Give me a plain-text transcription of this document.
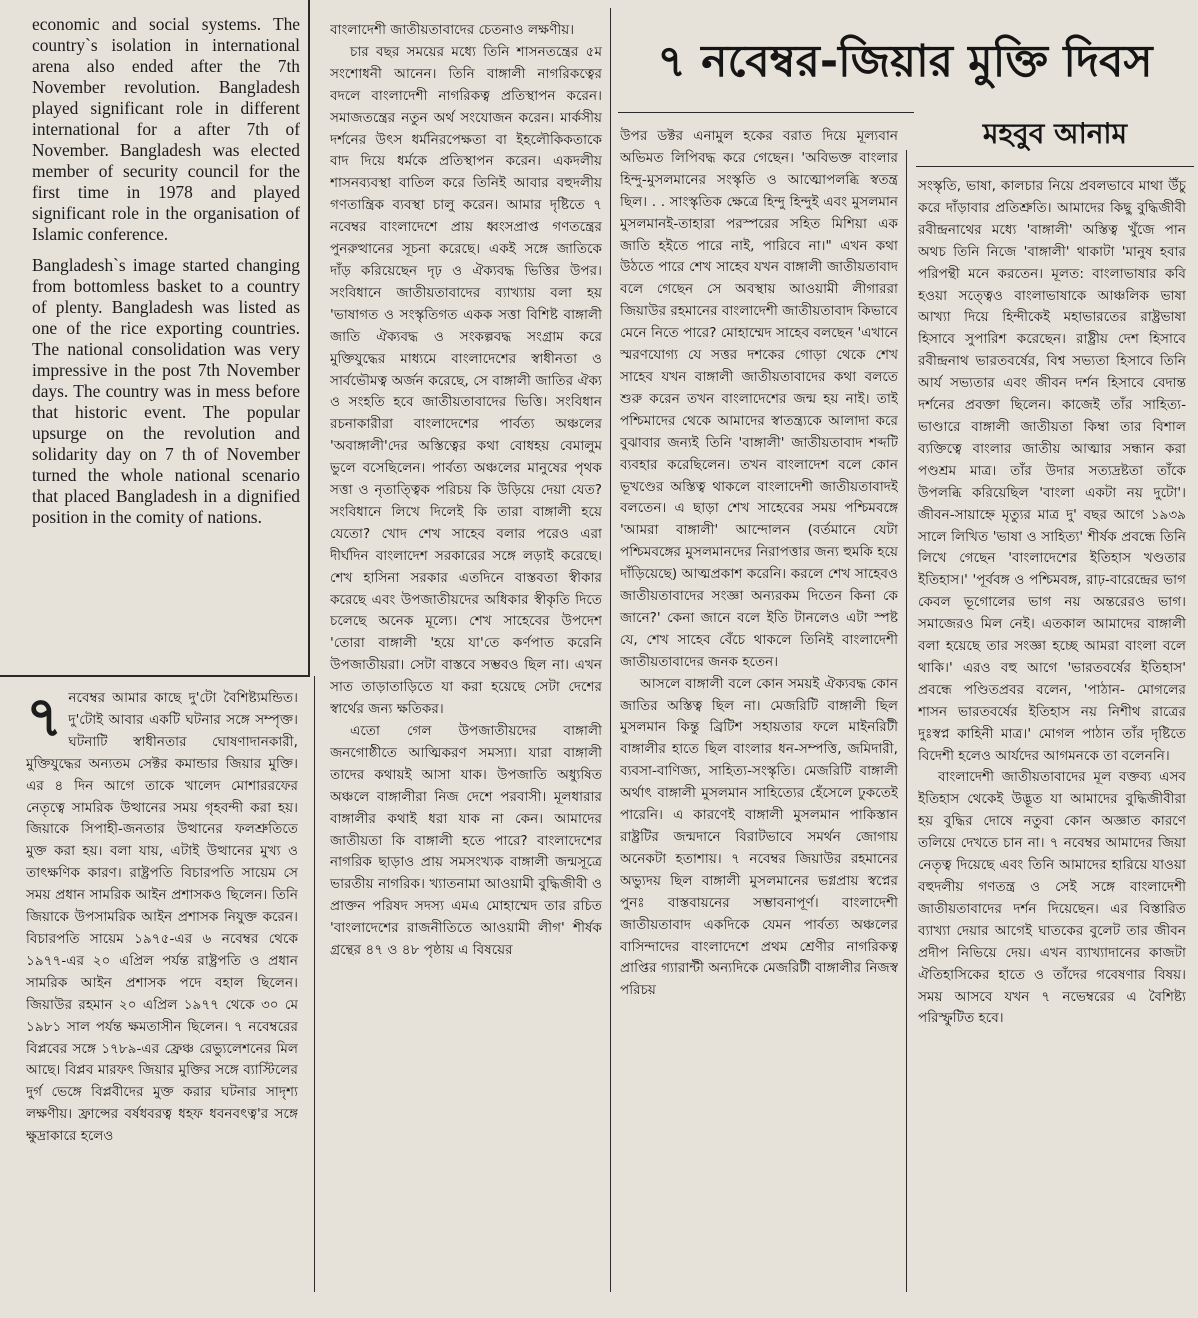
৭ নবেম্বর-জিয়ার মুক্তি দিবস
মহবুব আনাম

economic and social systems. The country`s isolation in international arena also ended after the 7th November revolution. Bangladesh played significant role in different international for a after 7th of November. Bangladesh was elected member of security council for the first time in 1978 and played significant role in the organisation of Islamic conference.

Bangladesh`s image started changing from bottomless basket to a country of plenty. Bangladesh was listed as one of the rice exporting countries. The national consolidation was very impressive in the post 7th November days. The country was in mess before that historic event. The popular upsurge on the revolution and solidarity day on 7 th of November turned the whole national scenario that placed Bangladesh in a dignified position in the comity of nations.

৭ নবেম্বর আমার কাছে দু'টো বৈশিষ্ট্যমন্ডিত। দু'টোই আবার একটি ঘটনার সঙ্গে সম্পৃক্ত। ঘটনাটি স্বাধীনতার ঘোষণাদানকারী, মুক্তিযুদ্ধের অন্যতম সেক্টর কমান্ডার জিয়ার মুক্তি। এর ৪ দিন আগে তাকে খালেদ মোশাররফের নেতৃত্বে সামরিক উত্থানের সময় গৃহবন্দী করা হয়। জিয়াকে সিপাহী-জনতার উত্থানের ফলশ্রুতিতে মুক্ত করা হয়। বলা যায়, এটাই উত্থানের মুখ্য ও তাৎক্ষণিক কারণ। রাষ্ট্রপতি বিচারপতি সায়েম সে সময় প্রধান সামরিক আইন প্রশাসকও ছিলেন। তিনি জিয়াকে উপসামরিক আইন প্রশাসক নিযুক্ত করেন। বিচারপতি সায়েম ১৯৭৫-এর ৬ নবেম্বর থেকে ১৯৭৭-এর ২০ এপ্রিল পর্যন্ত রাষ্ট্রপতি ও প্রধান সামরিক আইন প্রশাসক পদে বহাল ছিলেন। জিয়াউর রহমান ২০ এপ্রিল ১৯৭৭ থেকে ৩০ মে ১৯৮১ সাল পর্যন্ত ক্ষমতাসীন ছিলেন। ৭ নবেম্বরের বিপ্লবের সঙ্গে ১৭৮৯-এর ফ্রেঞ্চ রেভ্যুলেশনের মিল আছে। বিপ্লব মারফৎ জিয়ার মুক্তির সঙ্গে ব্যাস্টিলের দুর্গ ভেঙ্গে বিপ্লবীদের মুক্ত করার ঘটনার সাদৃশ্য লক্ষণীয়। ফ্রান্সের বর্ষধবরত্ব ধহফ ধবনবৎত্ব'র সঙ্গে ক্ষুদ্রাকারে হলেও

বাংলাদেশী জাতীয়তাবাদের চেতনাও লক্ষণীয়।

চার বছর সময়ের মধ্যে তিনি শাসনতন্ত্রের ৫ম সংশোধনী আনেন। তিনি বাঙ্গালী নাগরিকত্বের বদলে বাংলাদেশী নাগরিকত্ব প্রতিস্থাপন করেন। সমাজতন্ত্রের নতুন অর্থ সংযোজন করেন। মার্কসীয় দর্শনের উৎস ধর্মনিরপেক্ষতা বা ইহলৌকিকতাকে বাদ দিয়ে ধর্মকে প্রতিস্থাপন করেন। একদলীয় শাসনব্যবস্থা বাতিল করে তিনিই আবার বহুদলীয় গণতান্ত্রিক ব্যবস্থা চালু করেন। আমার দৃষ্টিতে ৭ নবেম্বর বাংলাদেশে প্রায় ধ্বংসপ্রাপ্ত গণতন্ত্রের পুনরুত্থানের সূচনা করেছে। একই সঙ্গে জাতিকে দাঁড় করিয়েছেন দৃঢ় ও ঐক্যবদ্ধ ভিত্তির উপর। সংবিধানে জাতীয়তাবাদের ব্যাখ্যায় বলা হয় 'ভাষাগত ও সংস্কৃতিগত একক সত্তা বিশিষ্ট বাঙ্গালী জাতি ঐক্যবদ্ধ ও সংকল্পবদ্ধ সংগ্রাম করে মুক্তিযুদ্ধের মাধ্যমে বাংলাদেশের স্বাধীনতা ও সার্বভৌমত্ব অর্জন করেছে, সে বাঙ্গালী জাতির ঐক্য ও সংহতি হবে জাতীয়তাবাদের ভিত্তি। সংবিধান রচনাকারীরা বাংলাদেশের পার্বত্য অঞ্চলের 'অবাঙ্গালী'দের অস্তিত্বের কথা বোধহয় বেমালুম ভুলে বসেছিলেন। পার্বত্য অঞ্চলের মানুষের পৃথক সত্তা ও নৃতাত্ত্বিক পরিচয় কি উড়িয়ে দেয়া যেত? সংবিধানে লিখে দিলেই কি তারা বাঙ্গালী হয়ে যেতো? খোদ শেখ সাহেব বলার পরেও এরা দীর্ঘদিন বাংলাদেশ সরকারের সঙ্গে লড়াই করেছে। শেখ হাসিনা সরকার এতদিনে বাস্তবতা স্বীকার করেছে এবং উপজাতীয়দের অধিকার স্বীকৃতি দিতে চলেছে অনেক মূল্যে। শেখ সাহেবের উপদেশ 'তোরা বাঙ্গালী 'হয়ে যা'তে কর্ণপাত করেনি উপজাতীয়রা। সেটা বাস্তবে সম্ভবও ছিল না। এখন সাত তাড়াতাড়িতে যা করা হয়েছে সেটা দেশের স্বার্থের জন্য ক্ষতিকর।

এতো গেল উপজাতীয়দের বাঙ্গালী জনগোষ্ঠীতে আত্মিকরণ সমস্যা। যারা বাঙ্গালী তাদের কথায়ই আসা যাক। উপজাতি অধ্যুষিত অঞ্চলে বাঙ্গালীরা নিজ দেশে পরবাসী। মূলধারার বাঙ্গালীর কথাই ধরা যাক না কেন। আমাদের জাতীয়তা কি বাঙ্গালী হতে পারে? বাংলাদেশের নাগরিক ছাড়াও প্রায় সমসংখ্যক বাঙ্গালী জন্মসূত্রে ভারতীয় নাগরিক। খ্যাতনামা আওয়ামী বুদ্ধিজীবী ও প্রাক্তন পরিষদ সদস্য এমএ মোহাম্মেদ তার রচিত 'বাংলাদেশের রাজনীতিতে আওয়ামী লীগ' শীর্ষক গ্রন্থের ৪৭ ও ৪৮ পৃষ্ঠায় এ বিষয়ের

উপর ডক্টর এনামুল হকের বরাত দিয়ে মূল্যবান অভিমত লিপিবদ্ধ করে গেছেন। 'অবিভক্ত বাংলার হিন্দু-মুসলমানের সংস্কৃতি ও আত্মোপলব্ধি স্বতন্ত্র ছিল। . . সাংস্কৃতিক ক্ষেত্রে হিন্দু হিন্দুই এবং মুসলমান মুসলমানই-তাহারা পরস্পরের সহিত মিশিয়া এক জাতি হইতে পারে নাই, পারিবে না।" এখন কথা উঠতে পারে শেখ সাহেব যখন বাঙ্গালী জাতীয়তাবাদ বলে গেছেন সে অবস্থায় আওয়ামী লীগাররা জিয়াউর রহমানের বাংলাদেশী জাতীয়তাবাদ কিভাবে মেনে নিতে পারে? মোহাম্মেদ সাহেব বলছেন 'এখানে স্মরণযোগ্য যে সত্তর দশকের গোড়া থেকে শেখ সাহেব যখন বাঙ্গালী জাতীয়তাবাদের কথা বলতে শুরু করেন তখন বাংলাদেশের জন্ম হয় নাই। তাই পশ্চিমাদের থেকে আমাদের স্বাতন্ত্র্যকে আলাদা করে বুঝাবার জন্যই তিনি 'বাঙ্গালী' জাতীয়তাবাদ শব্দটি ব্যবহার করেছিলেন। তখন বাংলাদেশ বলে কোন ভূখণ্ডের অস্তিত্ব থাকলে বাংলাদেশী জাতীয়তাবাদই বলতেন। এ ছাড়া শেখ সাহেবের সময় পশ্চিমবঙ্গে 'আমরা বাঙ্গালী' আন্দোলন (বর্তমানে যেটা পশ্চিমবঙ্গের মুসলমানদের নিরাপত্তার জন্য হুমকি হয়ে দাঁড়িয়েছে) আত্মপ্রকাশ করেনি। করলে শেখ সাহেবও জাতীয়তাবাদের সংজ্ঞা অন্যরকম দিতেন কিনা কে জানে?' কেনা জানে বলে ইতি টানলেও এটা স্পষ্ট যে, শেখ সাহেব বেঁচে থাকলে তিনিই বাংলাদেশী জাতীয়তাবাদের জনক হতেন।

আসলে বাঙ্গালী বলে কোন সময়ই ঐক্যবদ্ধ কোন জাতির অস্তিত্ব ছিল না। মেজরিটি বাঙ্গালী ছিল মুসলমান কিন্তু ব্রিটিশ সহায়তার ফলে মাইনরিটী বাঙ্গালীর হাতে ছিল বাংলার ধন-সম্পত্তি, জমিদারী, ব্যবসা-বাণিজ্য, সাহিত্য-সংস্কৃতি। মেজরিটি বাঙ্গালী অর্থাৎ বাঙ্গালী মুসলমান সাহিত্যের হেঁসেলে ঢুকতেই পারেনি। এ কারণেই বাঙ্গালী মুসলমান পাকিস্তান রাষ্ট্রটির জন্মদানে বিরাটভাবে সমর্থন জোগায় অনেকটা হতাশায়। ৭ নবেম্বর জিয়াউর রহমানের অভ্যুদয় ছিল বাঙ্গালী মুসলমানের ভগ্নপ্রায় স্বপ্নের পুনঃ বাস্তবায়নের সম্ভাবনাপূর্ণ। বাংলাদেশী জাতীয়তাবাদ একদিকে যেমন পার্বত্য অঞ্চলের বাসিন্দাদের বাংলাদেশে প্রথম শ্রেণীর নাগরিকত্ব প্রাপ্তির গ্যারান্টী অন্যদিকে মেজরিটী বাঙ্গালীর নিজস্ব পরিচয়

সংস্কৃতি, ভাষা, কালচার নিয়ে প্রবলভাবে মাথা উঁচু করে দাঁড়াবার প্রতিশ্রুতি। আমাদের কিছু বুদ্ধিজীবী রবীন্দ্রনাথের মধ্যে 'বাঙ্গালী' অস্তিত্ব খুঁজে পান অথচ তিনি নিজে 'বাঙ্গালী' থাকাটা 'মানুষ হবার পরিপন্থী মনে করতেন। মূলত: বাংলাভাষার কবি হওয়া সত্ত্বেও বাংলাভাষাকে আঞ্চলিক ভাষা আখ্যা দিয়ে হিন্দীকেই মহাভারতের রাষ্ট্রভাষা হিসাবে সুপারিশ করেছেন। রাষ্ট্রীয় দেশ হিসাবে রবীন্দ্রনাথ ভারতবর্ষের, বিশ্ব সভ্যতা হিসাবে তিনি আর্য সভ্যতার এবং জীবন দর্শন হিসাবে বেদান্ত দর্শনের প্রবক্তা ছিলেন। কাজেই তাঁর সাহিত্য-ভাণ্ডারে বাঙ্গালী জাতীয়তা কিম্বা তার বিশাল ব্যক্তিত্বে বাংলার জাতীয় আত্মার সন্ধান করা পণ্ডশ্রম মাত্র। তাঁর উদার সত্যদ্রষ্টতা তাঁকে উপলব্ধি করিয়েছিল 'বাংলা একটা নয় দুটো'। জীবন-সায়াহ্নে মৃত্যুর মাত্র দু' বছর আগে ১৯৩৯ সালে লিখিত 'ভাষা ও সাহিত্য' শীর্ষক প্রবন্ধে তিনি লিখে গেছেন 'বাংলাদেশের ইতিহাস খণ্ডতার ইতিহাস।' 'পূর্ববঙ্গ ও পশ্চিমবঙ্গ, রাঢ়-বারেন্দ্রের ভাগ কেবল ভূগোলের ভাগ নয় অন্তরেরও ভাগ। সমাজেরও মিল নেই। এতকাল আমাদের বাঙ্গালী বলা হয়েছে তার সংজ্ঞা হচ্ছে আমরা বাংলা বলে থাকি।' এরও বহু আগে 'ভারতবর্ষের ইতিহাস' প্রবন্ধে পণ্ডিতপ্রবর বলেন, 'পাঠান- মোগলের শাসন ভারতবর্ষের ইতিহাস নয় নিশীথ রাত্রের দুঃস্বপ্ন কাহিনী মাত্র।' মোগল পাঠান তাঁর দৃষ্টিতে বিদেশী হলেও আর্যদের আগমনকে তা বলেননি।

বাংলাদেশী জাতীয়তাবাদের মূল বক্তব্য এসব ইতিহাস থেকেই উদ্ভূত যা আমাদের বুদ্ধিজীবীরা হয় বুদ্ধির দোষে নতুবা কোন অজ্ঞাত কারণে তলিয়ে দেখতে চান না। ৭ নবেম্বর আমাদের জিয়া নেতৃত্ব দিয়েছে এবং তিনি আমাদের হারিয়ে যাওয়া বহুদলীয় গণতন্ত্র ও সেই সঙ্গে বাংলাদেশী জাতীয়তাবাদের দর্শন দিয়েছেন। এর বিস্তারিত ব্যাখ্যা দেয়ার আগেই ঘাতকের বুলেট তার জীবন প্রদীপ নিভিয়ে দেয়। এখন ব্যাখ্যাদানের কাজটা ঐতিহাসিকের হাতে ও তাঁদের গবেষণার বিষয়। সময় আসবে যখন ৭ নভেম্বরের এ বৈশিষ্ট্য পরিস্ফুটিত হবে।
